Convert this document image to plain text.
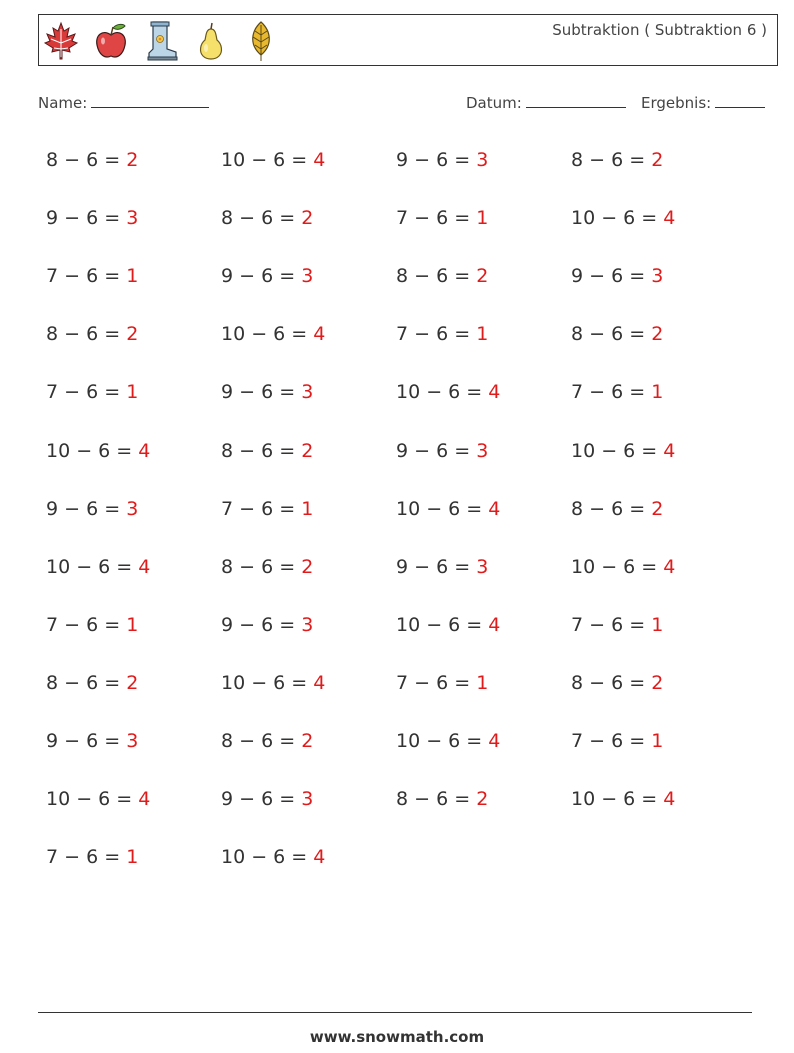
Subtraktion ( Subtraktion 6 )
Name:	Datum:	Ergebnis:
8 − 6 = 2
9 − 6 = 3
7 − 6 = 1
8 − 6 = 2
7 − 6 = 1
10 − 6 = 4
9 − 6 = 3
10 − 6 = 4
7 − 6 = 1
8 − 6 = 2
9 − 6 = 3
10 − 6 = 4
7 − 6 = 1
10 − 6 = 4
8 − 6 = 2
9 − 6 = 3
10 − 6 = 4
9 − 6 = 3
8 − 6 = 2
7 − 6 = 1
8 − 6 = 2
9 − 6 = 3
10 − 6 = 4
8 − 6 = 2
9 − 6 = 3
10 − 6 = 4
9 − 6 = 3
7 − 6 = 1
8 − 6 = 2
7 − 6 = 1
10 − 6 = 4
9 − 6 = 3
10 − 6 = 4
9 − 6 = 3
10 − 6 = 4
7 − 6 = 1
10 − 6 = 4
8 − 6 = 2
8 − 6 = 2
10 − 6 = 4
9 − 6 = 3
8 − 6 = 2
7 − 6 = 1
10 − 6 = 4
8 − 6 = 2
10 − 6 = 4
7 − 6 = 1
8 − 6 = 2
7 − 6 = 1
10 − 6 = 4
www.snowmath.com
